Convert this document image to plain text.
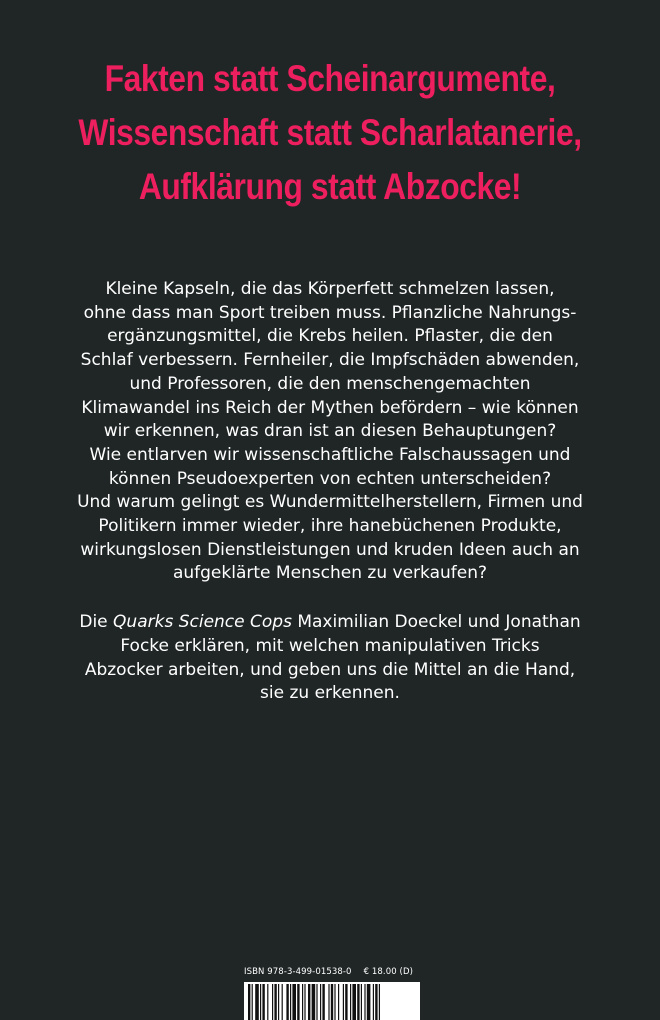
Fakten statt Scheinargumente,
Wissenschaft statt Scharlatanerie,
Aufklärung statt Abzocke!
Kleine Kapseln, die das Körperfett schmelzen lassen,
ohne dass man Sport treiben muss. Pflanzliche Nahrungs-
ergänzungsmittel, die Krebs heilen. Pflaster, die den
Schlaf verbessern. Fernheiler, die Impfschäden abwenden,
und Professoren, die den menschengemachten
Klimawandel ins Reich der Mythen befördern – wie können
wir erkennen, was dran ist an diesen Behauptungen?
Wie entlarven wir wissenschaftliche Falschaussagen und
können Pseudoexperten von echten unterscheiden?
Und warum gelingt es Wundermittelherstellern, Firmen und
Politikern immer wieder, ihre hanebüchenen Produkte,
wirkungslosen Dienstleistungen und kruden Ideen auch an
aufgeklärte Menschen zu verkaufen?
Die Quarks Science Cops Maximilian Doeckel und Jonathan
Focke erklären, mit welchen manipulativen Tricks
Abzocker arbeiten, und geben uns die Mittel an die Hand,
sie zu erkennen.
ISBN 978-3-499-01538-0 € 18.00 (D)
